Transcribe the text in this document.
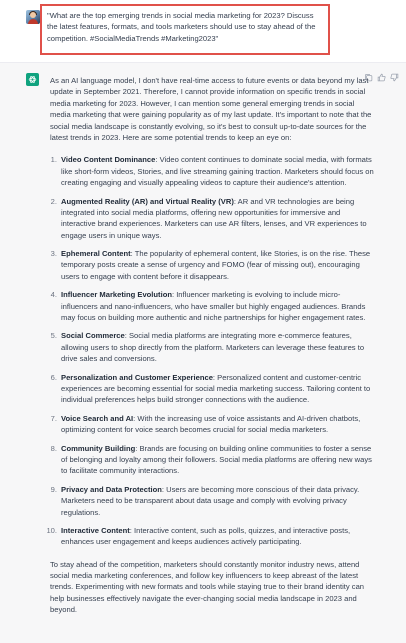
"What are the top emerging trends in social media marketing for 2023? Discuss the latest features, formats, and tools marketers should use to stay ahead of the competition. #SocialMediaTrends #Marketing2023"

As an AI language model, I don't have real-time access to future events or data beyond my last update in September 2021. Therefore, I cannot provide information on specific trends in social media marketing for 2023. However, I can mention some general emerging trends in social media marketing that were gaining popularity as of my last update. It's important to note that the social media landscape is constantly evolving, so it's best to consult up-to-date sources for the latest trends in 2023. Here are some potential trends to keep an eye on:

1. Video Content Dominance: Video content continues to dominate social media, with formats like short-form videos, Stories, and live streaming gaining traction. Marketers should focus on creating engaging and visually appealing videos to capture their audience's attention.
2. Augmented Reality (AR) and Virtual Reality (VR): AR and VR technologies are being integrated into social media platforms, offering new opportunities for immersive and interactive brand experiences. Marketers can use AR filters, lenses, and VR experiences to engage users in unique ways.
3. Ephemeral Content: The popularity of ephemeral content, like Stories, is on the rise. These temporary posts create a sense of urgency and FOMO (fear of missing out), encouraging users to engage with content before it disappears.
4. Influencer Marketing Evolution: Influencer marketing is evolving to include micro-influencers and nano-influencers, who have smaller but highly engaged audiences. Brands may focus on building more authentic and niche partnerships for higher engagement rates.
5. Social Commerce: Social media platforms are integrating more e-commerce features, allowing users to shop directly from the platform. Marketers can leverage these features to drive sales and conversions.
6. Personalization and Customer Experience: Personalized content and customer-centric experiences are becoming essential for social media marketing success. Tailoring content to individual preferences helps build stronger connections with the audience.
7. Voice Search and AI: With the increasing use of voice assistants and AI-driven chatbots, optimizing content for voice search becomes crucial for social media marketers.
8. Community Building: Brands are focusing on building online communities to foster a sense of belonging and loyalty among their followers. Social media platforms are offering new ways to facilitate community interactions.
9. Privacy and Data Protection: Users are becoming more conscious of their data privacy. Marketers need to be transparent about data usage and comply with evolving privacy regulations.
10. Interactive Content: Interactive content, such as polls, quizzes, and interactive posts, enhances user engagement and keeps audiences actively participating.

To stay ahead of the competition, marketers should constantly monitor industry news, attend social media marketing conferences, and follow key influencers to keep abreast of the latest trends. Experimenting with new formats and tools while staying true to their brand identity can help businesses effectively navigate the ever-changing social media landscape in 2023 and beyond.
